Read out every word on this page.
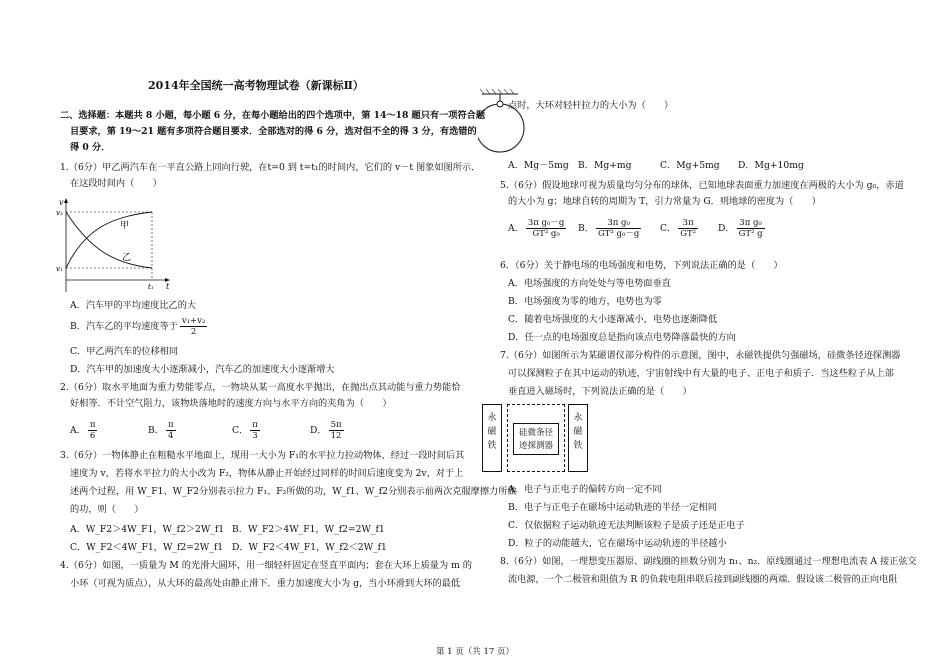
2014年全国统一高考物理试卷（新课标Ⅱ）
二、选择题：本题共 8 小题，每小题 6 分，在每小题给出的四个选项中，第 14～18 题只有一项符合题
目要求，第 19～21 题有多项符合题目要求．全部选对的得 6 分，选对但不全的得 3 分，有选错的
得 0 分．
1.（6分）甲乙两汽车在一平直公路上同向行驶，在t=0 到 t=t₁的时间内，它们的 v－t 图象如图所示．
在这段时间内（　　）
v
v₂
v₁
t₁ t
甲
乙
A．汽车甲的平均速度比乙的大
B．汽车乙的平均速度等于 $\frac{\text{v₁+v₂}}{2}$
C．甲乙两汽车的位移相同
D．汽车甲的加速度大小逐渐减小，汽车乙的加速度大小逐渐增大
2.（6分）取水平地面为重力势能零点，一物块从某一高度水平抛出，在抛出点其动能与重力势能恰
好相等．不计空气阻力，该物块落地时的速度方向与水平方向的夹角为（　　）
A． $\frac{\pi}{6}$	B． $\frac{\pi}{4}$	C． $\frac{\pi}{3}$	D． $\frac{5\pi}{12}$
3.（6分）一物体静止在粗糙水平地面上，现用一大小为 F₁的水平拉力拉动物体，经过一段时间后其
速度为 v，若将水平拉力的大小改为 F₂，物体从静止开始经过同样的时间后速度变为 2v，对于上
述两个过程，用 W_F1、W_F2分别表示拉力 F₁、F₂所做的功，W_f1、W_f2分别表示前两次克服摩擦力所做
的功，则（　　）
A．W_F2＞4W_F1，W_f2＞2W_f1 B．W_F2＞4W_F1，W_f2=2W_f1
C．W_F2＜4W_F1，W_f2=2W_f1 D．W_F2＜4W_F1，W_f2＜2W_f1
4.（6分）如图，一质量为 M 的光滑大圆环，用一细轻杆固定在竖直平面内；套在大环上质量为 m 的
小环（可视为质点），从大环的最高处由静止滑下．重力加速度大小为 g，当小环滑到大环的最低
点时，大环对轻杆拉力的大小为（　　）
A．Mg－5mg B．Mg+mg	C．Mg+5mg D．Mg+10mg
5.（6分）假设地球可视为质量均匀分布的球体，已知地球表面重力加速度在两极的大小为 g₀，赤道
的大小为 g；地球自转的周期为 T，引力常量为 G．则地球的密度为（　　）
A． $\frac{\text{3π g₀－g}}{\text{GT² g₀}}$ B． $\frac{\text{3π g₀}}{\text{GT² g₀－g}}$ C． $\frac{3\pi}{\text{GT²}}$ D． $\frac{\text{3π g₀}}{\text{GT² g}}$
6．（6分）关于静电场的电场强度和电势，下列说法正确的是（　　）
A．电场强度的方向处处与等电势面垂直
B．电场强度为零的地方，电势也为零
C．随着电场强度的大小逐渐减小，电势也逐渐降低
D．任一点的电场强度总是指向该点电势降落最快的方向
7.（6分）如图所示为某磁谱仪部分构件的示意图，图中，永磁铁提供匀强磁场，硅微条径迹探测器
可以探测粒子在其中运动的轨迹，宇宙射线中有大量的电子、正电子和质子．当这些粒子从上部
垂直进入磁场时，下列说法正确的是（　　）
永
磁
铁
硅微条径
迹探测器
永
磁
铁
A．电子与正电子的偏转方向一定不同
B．电子与正电子在磁场中运动轨迹的半径一定相同
C．仅依据粒子运动轨迹无法判断该粒子是质子还是正电子
D．粒子的动能越大，它在磁场中运动轨迹的半径越小
8.（6分）如图，一理想变压器原、副线圈的匝数分别为 n₁、n₂．原线圈通过一理想电流表 A 接正弦交
流电源，一个二极管和阻值为 R 的负载电阻串联后接到副线圈的两端．假设该二极管的正向电阻
第 1 页（共 17 页）
